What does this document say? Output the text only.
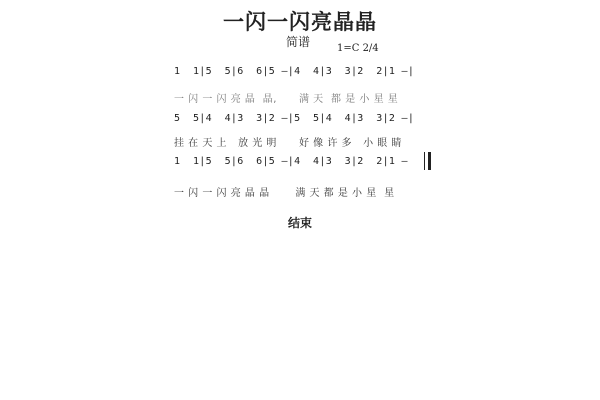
一闪一闪亮晶晶
简谱	1=C 2/4
1  1|5  5|6  6|5 —|4  4|3  3|2  2|1 —|
一 闪 一 闪 亮 晶  晶,      满 天  都 是 小 星 星
5  5|4  4|3  3|2 —|5  5|4  4|3  3|2 —|
挂 在 天 上   放 光 明      好 像 许 多   小 眼 睛
1  1|5  5|6  6|5 —|4  4|3  3|2  2|1 —
一 闪 一 闪 亮 晶 晶       满 天 都 是 小 星  星
结束
